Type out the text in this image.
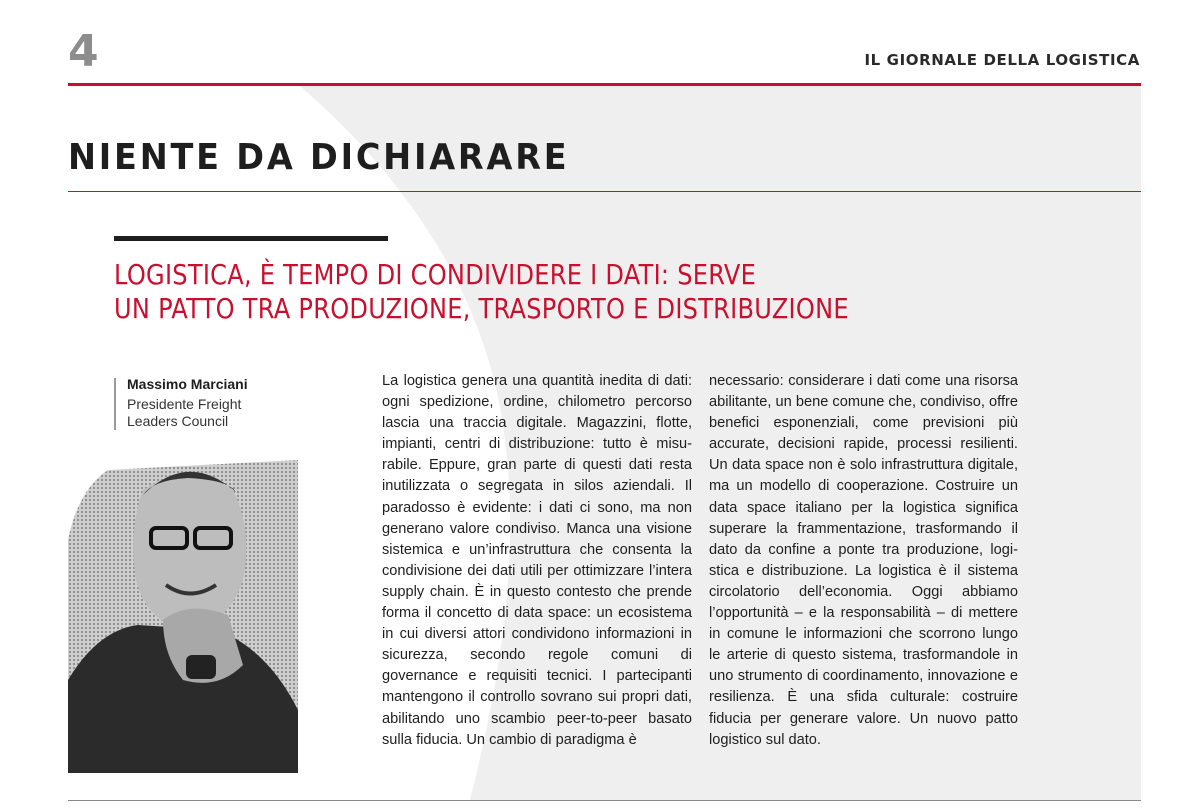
4	IL GIORNALE DELLA LOGISTICA
NIENTE DA DICHIARARE
LOGISTICA, È TEMPO DI CONDIVIDERE I DATI: SERVE
UN PATTO TRA PRODUZIONE, TRASPORTO E DISTRIBUZIONE
Massimo Marciani
Presidente Freight
Leaders Council
La logistica genera una quantità inedita di dati: ogni spedizione, ordine, chilometro percorso lascia una traccia digitale. Magazzini, flotte, impianti, centri di distribuzione: tutto è misurabile. Eppure, gran parte di questi dati resta inutilizzata o segregata in silos aziendali. Il paradosso è evidente: i dati ci sono, ma non generano valore condiviso. Manca una visione sistemica e un’infrastruttura che consenta la condivisione dei dati utili per ottimizzare l’intera supply chain. È in questo contesto che prende forma il concetto di data space: un ecosistema in cui diversi attori condividono informazioni in sicurezza, secondo regole comuni di governance e requisiti tecnici. I partecipanti mantengono il controllo sovrano sui propri dati, abilitando uno scambio peer-to-peer basato sulla fiducia. Un cambio di paradigma è
necessario: considerare i dati come una risorsa abilitante, un bene comune che, condiviso, offre benefici esponenziali, come previsioni più accurate, decisioni rapide, processi resilienti. Un data space non è solo infrastruttura digitale, ma un modello di cooperazione. Costruire un data space italiano per la logistica significa superare la frammentazione, trasformando il dato da confine a ponte tra produzione, logistica e distribuzione. La logistica è il sistema circolatorio dell’economia. Oggi abbiamo l’opportunità – e la responsabilità – di mettere in comune le informazioni che scorrono lungo le arterie di questo sistema, trasformandole in uno strumento di coordinamento, innovazione e resilienza. È una sfida culturale: costruire fiducia per generare valore. Un nuovo patto logistico sul dato.
